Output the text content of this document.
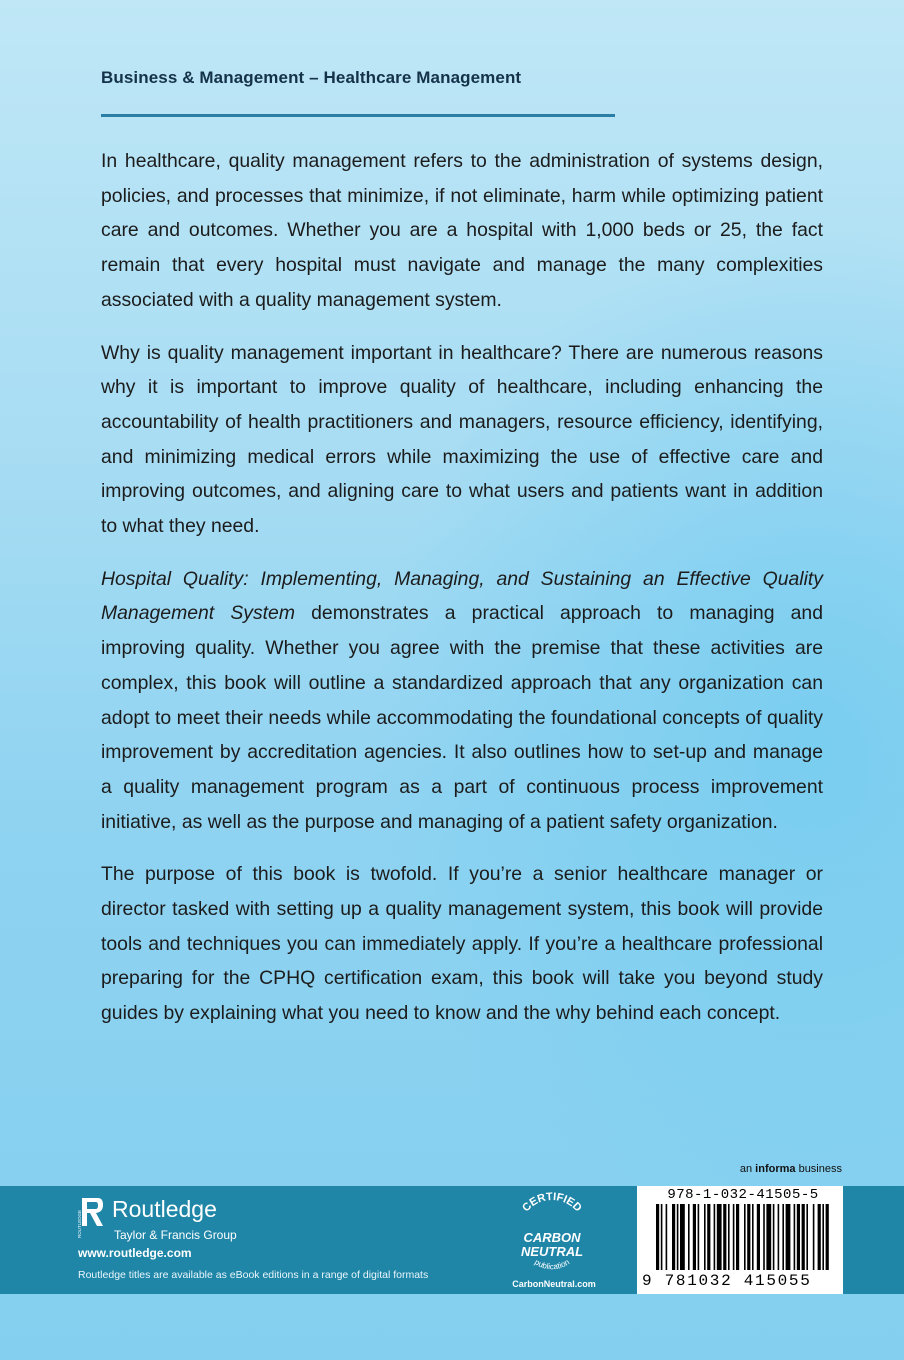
Business & Management – Healthcare Management

In healthcare, quality management refers to the administration of systems design, policies, and processes that minimize, if not eliminate, harm while optimizing patient care and outcomes. Whether you are a hospital with 1,000 beds or 25, the fact remain that every hospital must navigate and manage the many complexities associated with a quality management system.

Why is quality management important in healthcare? There are numerous reasons why it is important to improve quality of healthcare, including enhancing the accountability of health practitioners and managers, resource efficiency, identifying, and minimizing medical errors while maximizing the use of effective care and improving outcomes, and aligning care to what users and patients want in addition to what they need.

Hospital Quality: Implementing, Managing, and Sustaining an Effective Quality Management System demonstrates a practical approach to managing and improving quality. Whether you agree with the premise that these activities are complex, this book will outline a standardized approach that any organization can adopt to meet their needs while accommodating the foundational concepts of quality improvement by accreditation agencies. It also outlines how to set-up and manage a quality management program as a part of continuous process improvement initiative, as well as the purpose and managing of a patient safety organization.

The purpose of this book is twofold. If you’re a senior healthcare manager or director tasked with setting up a quality management system, this book will provide tools and techniques you can immediately apply. If you’re a healthcare professional preparing for the CPHQ certification exam, this book will take you beyond study guides by explaining what you need to know and the why behind each concept.

an informa business
ROUTLEDGE
Routledge
Taylor & Francis Group
www.routledge.com
Routledge titles are available as eBook editions in a range of digital formats
CERTIFIED
CARBON
NEUTRAL
publication
CarbonNeutral.com
978-1-032-41505-5
9 781032 415055
